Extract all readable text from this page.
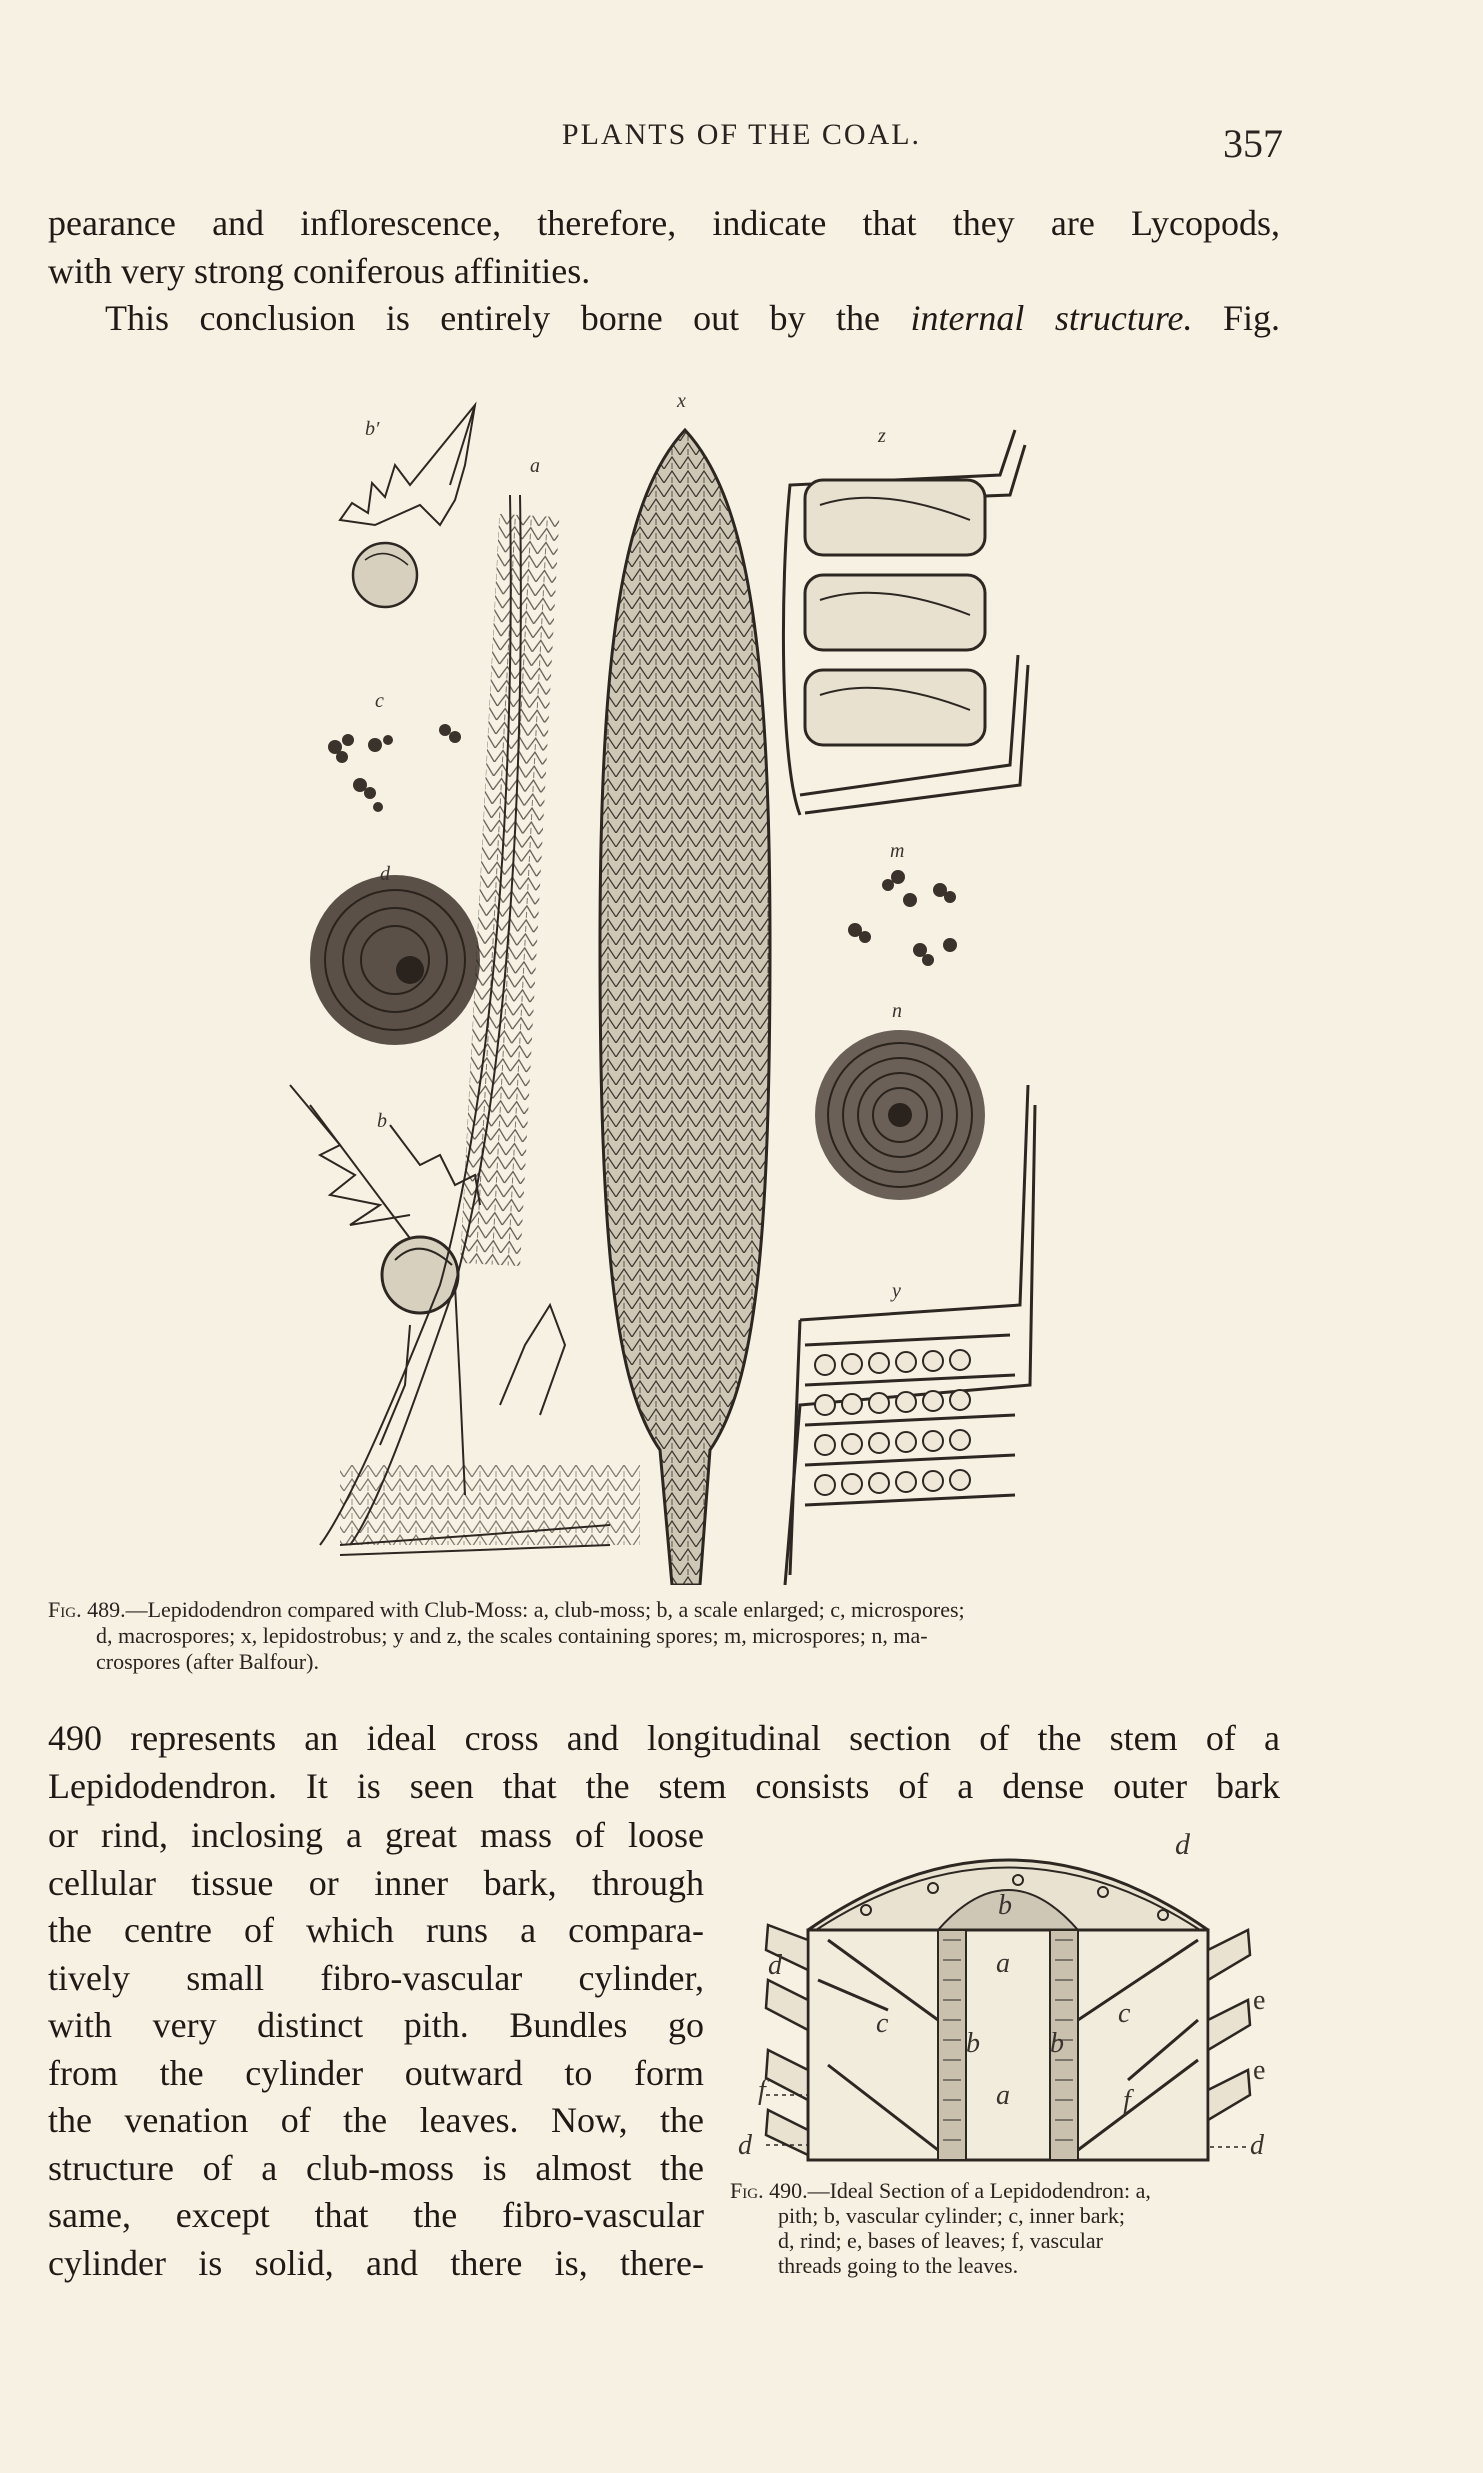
PLANTS OF THE COAL.	357
pearance and inflorescence, therefore, indicate that they are Lycopods,
with very strong coniferous affinities.
This conclusion is entirely borne out by the internal structure. Fig.
b′
a
x
z
c
d
m
n
b
y
Fig. 489.—Lepidodendron compared with Club-Moss: a, club-moss; b, a scale enlarged; c, microspores;
d, macrospores; x, lepidostrobus; y and z, the scales containing spores; m, microspores; n, ma-
crospores (after Balfour).
490 represents an ideal cross and longitudinal section of the stem of a
Lepidodendron. It is seen that the stem consists of a dense outer bark
or rind, inclosing a great mass of loose
cellular tissue or inner bark, through
the centre of which runs a compara-
tively small fibro-vascular cylinder,
with very distinct pith. Bundles go
from the cylinder outward to form
the venation of the leaves. Now, the
structure of a club-moss is almost the
same, except that the fibro-vascular
cylinder is solid, and there is, there-
d
b
a
a
c	c
b	b
f
f
d
d	d
e
e
Fig. 490.—Ideal Section of a Lepidodendron: a,
pith; b, vascular cylinder; c, inner bark;
d, rind; e, bases of leaves; f, vascular
threads going to the leaves.
